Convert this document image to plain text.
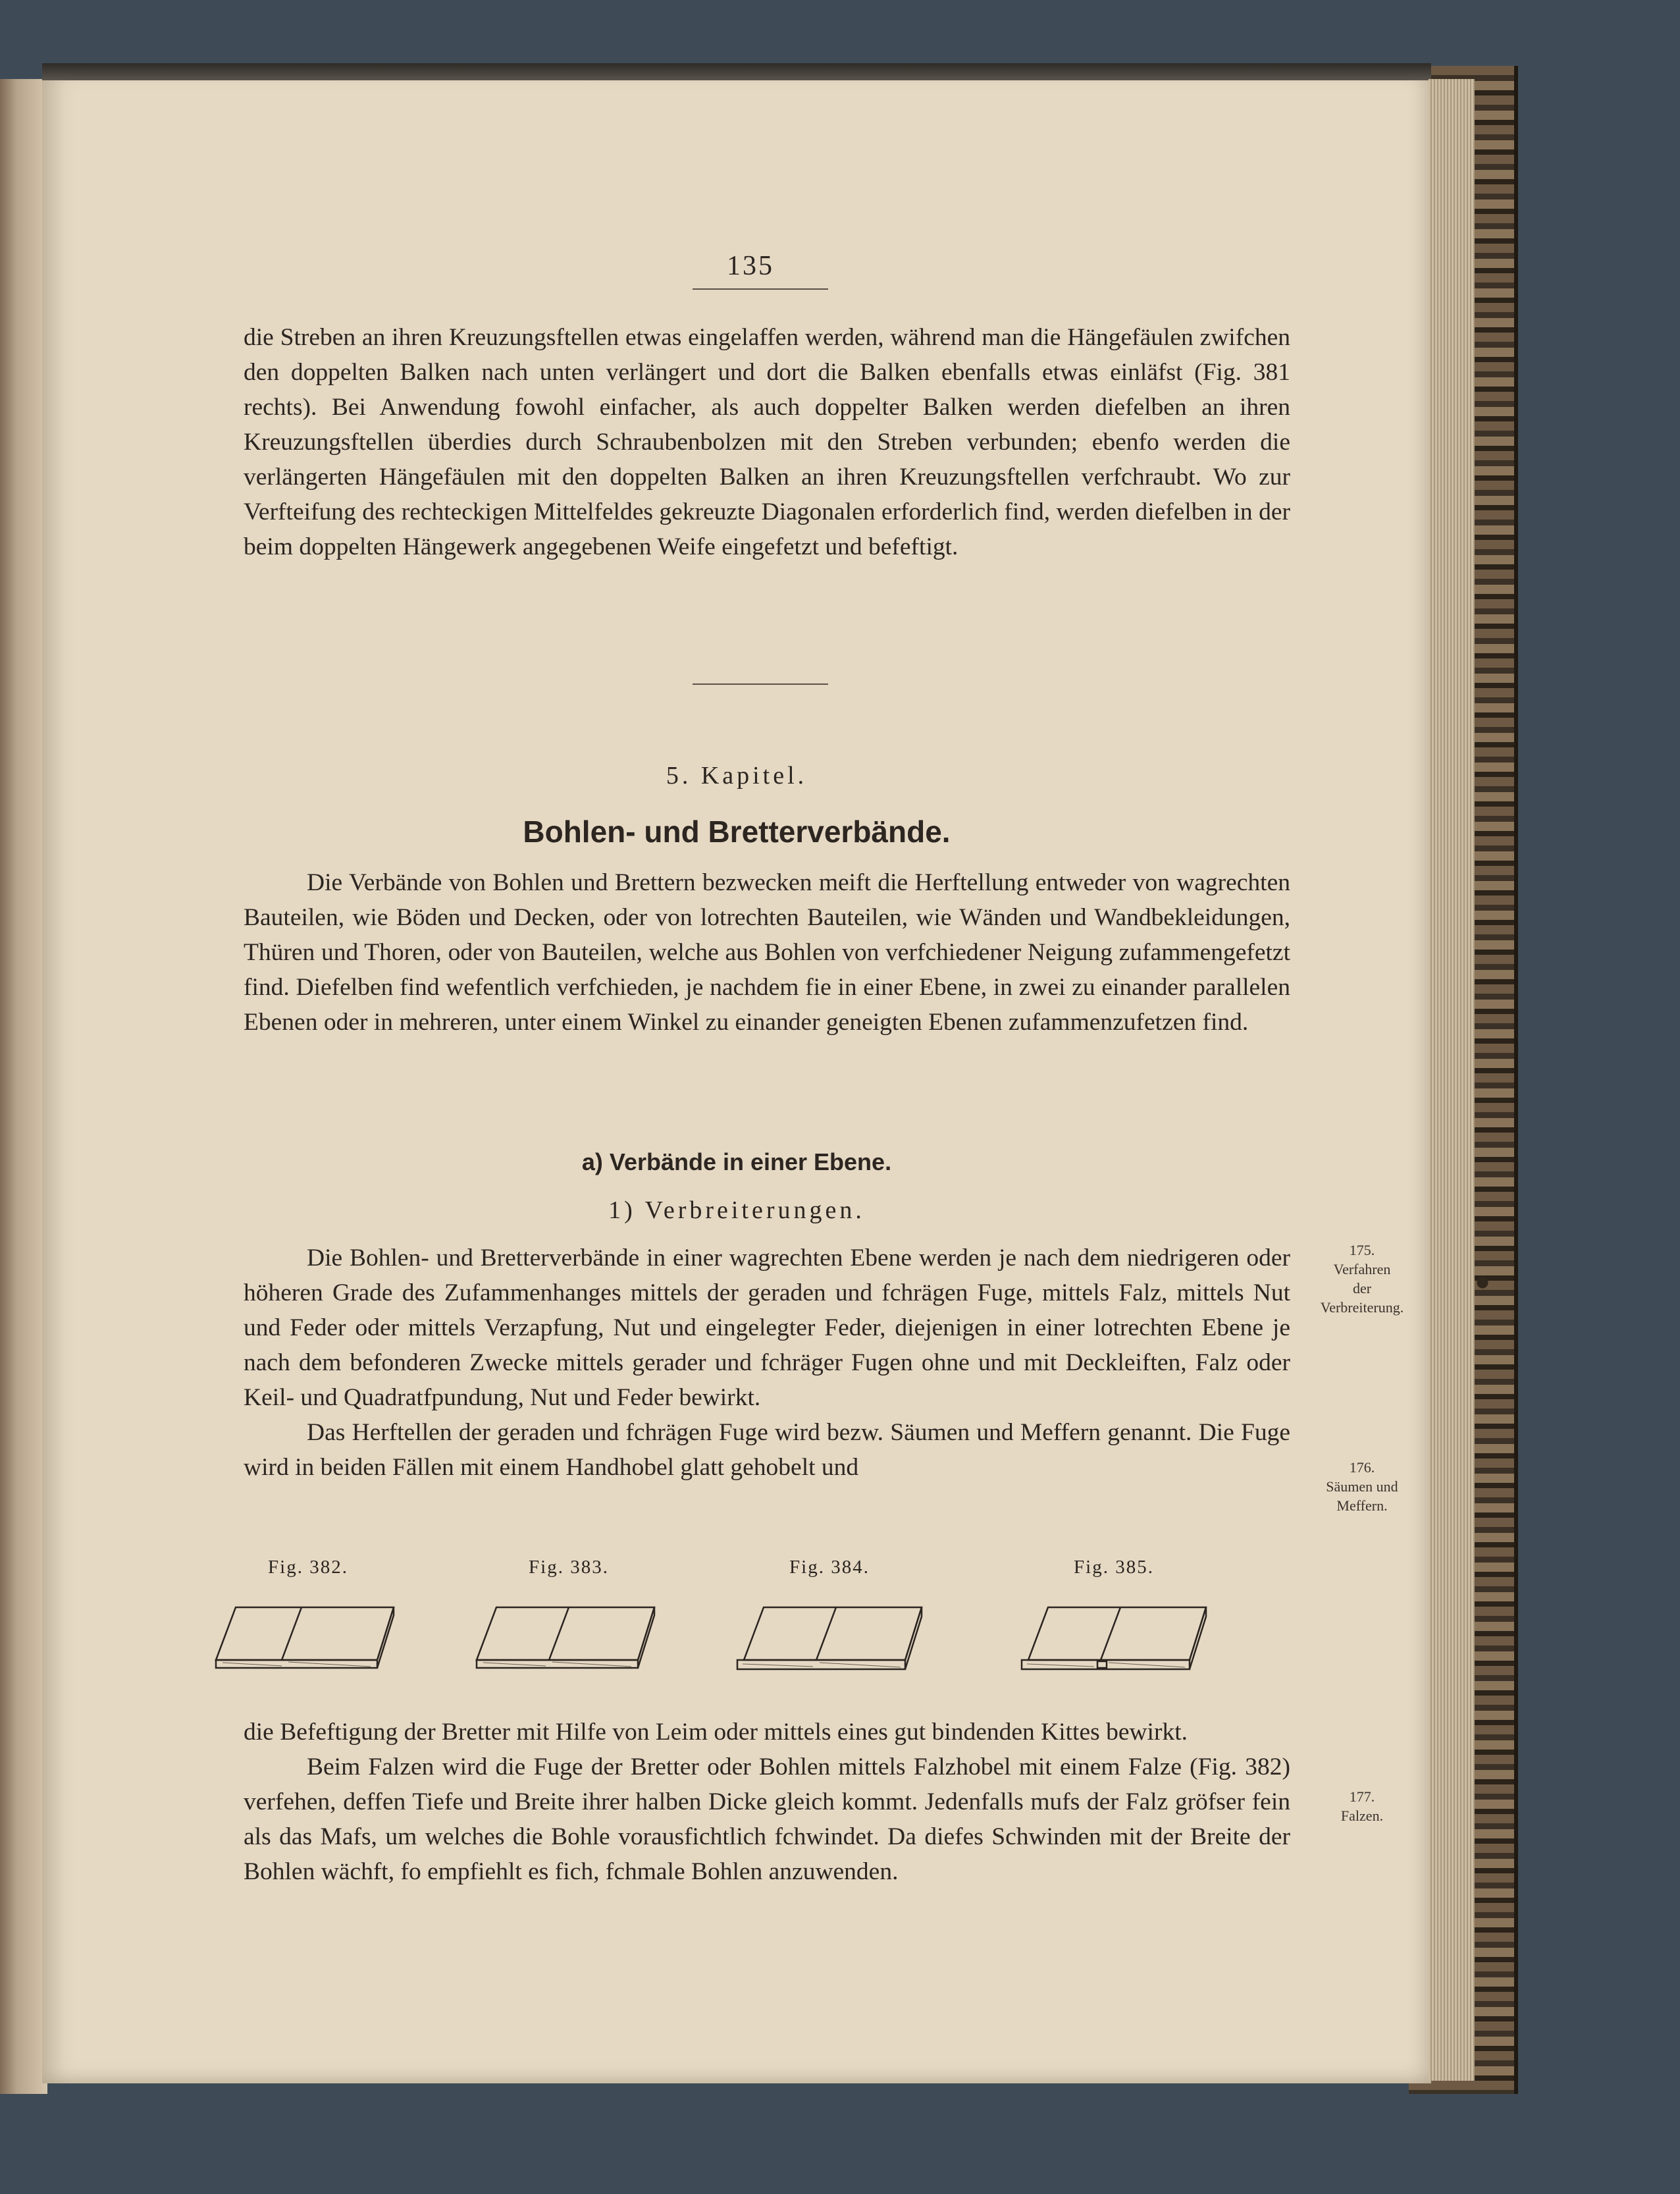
135

die Streben an ihren Kreuzungsftellen etwas eingelaffen werden, während man die Hängefäulen zwifchen den doppelten Balken nach unten verlängert und dort die Balken ebenfalls etwas einläfst (Fig. 381 rechts). Bei Anwendung fowohl einfacher, als auch doppelter Balken werden diefelben an ihren Kreuzungsftellen überdies durch Schraubenbolzen mit den Streben verbunden; ebenfo werden die verlängerten Hängefäulen mit den doppelten Balken an ihren Kreuzungsftellen verfchraubt. Wo zur Verfteifung des rechteckigen Mittelfeldes gekreuzte Diagonalen erforderlich find, werden diefelben in der beim doppelten Hängewerk angegebenen Weife eingefetzt und befeftigt.

5. Kapitel.
Bohlen- und Bretterverbände.

Die Verbände von Bohlen und Brettern bezwecken meift die Herftellung entweder von wagrechten Bauteilen, wie Böden und Decken, oder von lotrechten Bauteilen, wie Wänden und Wandbekleidungen, Thüren und Thoren, oder von Bauteilen, welche aus Bohlen von verfchiedener Neigung zufammengefetzt find. Diefelben find wefentlich verfchieden, je nachdem fie in einer Ebene, in zwei zu einander parallelen Ebenen oder in mehreren, unter einem Winkel zu einander geneigten Ebenen zufammenzufetzen find.

a) Verbände in einer Ebene.
1) Verbreiterungen.

Die Bohlen- und Bretterverbände in einer wagrechten Ebene werden je nach dem niedrigeren oder höheren Grade des Zufammenhanges mittels der geraden und fchrägen Fuge, mittels Falz, mittels Nut und Feder oder mittels Verzapfung, Nut und eingelegter Feder, diejenigen in einer lotrechten Ebene je nach dem befonderen Zwecke mittels gerader und fchräger Fugen ohne und mit Deckleiften, Falz oder Keil- und Quadratfpundung, Nut und Feder bewirkt.

Das Herftellen der geraden und fchrägen Fuge wird bezw. Säumen und Meffern genannt. Die Fuge wird in beiden Fällen mit einem Handhobel glatt gehobelt und

175.
Verfahren
der
Verbreiterung.
176.
Säumen und
Meffern.
177.
Falzen.
Fig. 382.	Fig. 383.	Fig. 384.	Fig. 385.

die Befeftigung der Bretter mit Hilfe von Leim oder mittels eines gut bindenden Kittes bewirkt.

Beim Falzen wird die Fuge der Bretter oder Bohlen mittels Falzhobel mit einem Falze (Fig. 382) verfehen, deffen Tiefe und Breite ihrer halben Dicke gleich kommt. Jedenfalls mufs der Falz gröfser fein als das Mafs, um welches die Bohle vorausfichtlich fchwindet. Da diefes Schwinden mit der Breite der Bohlen wächft, fo empfiehlt es fich, fchmale Bohlen anzuwenden.
